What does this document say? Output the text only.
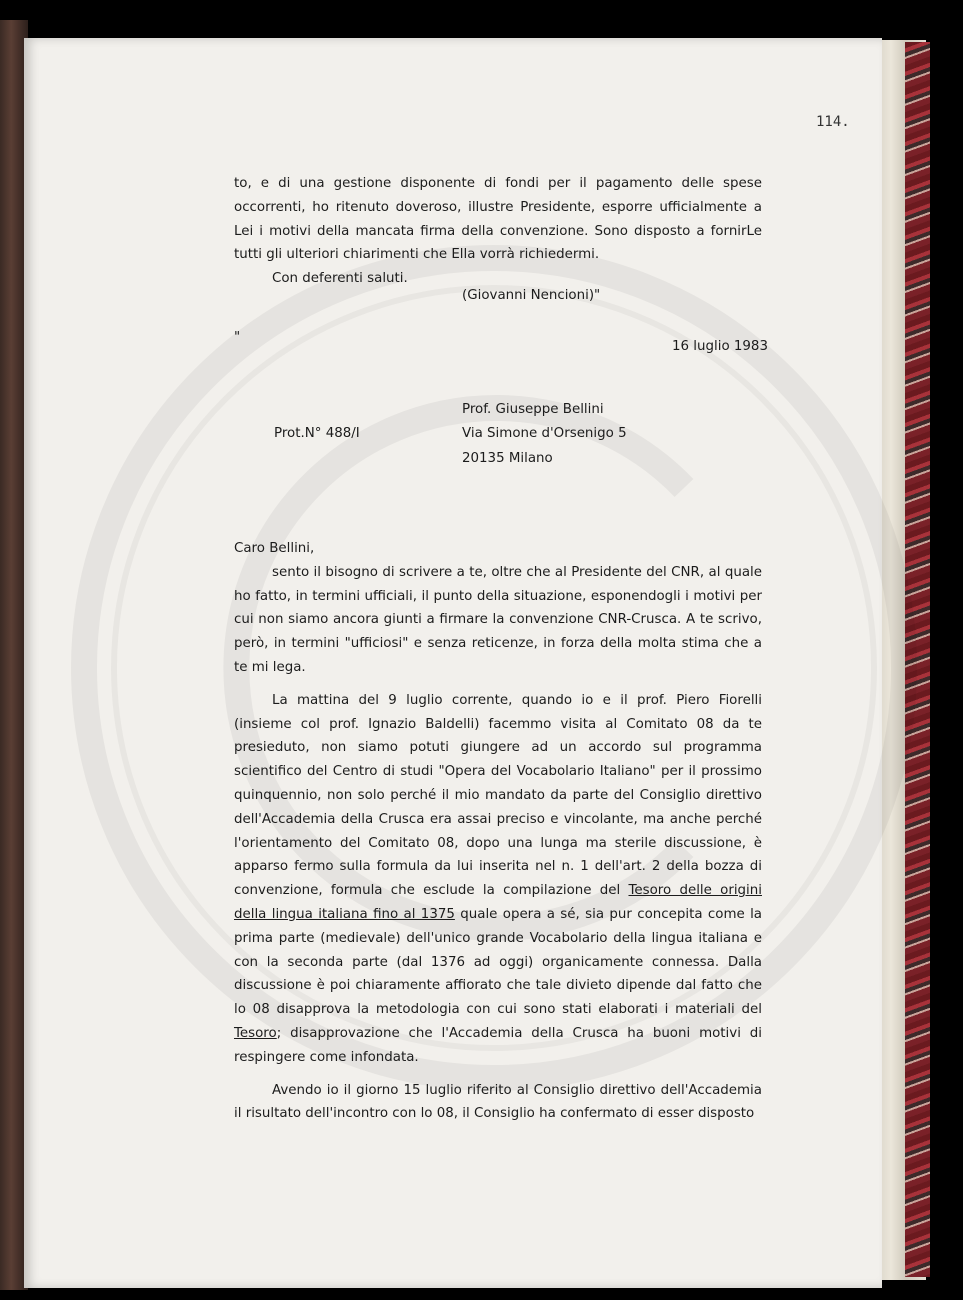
114.

to, e di una gestione disponente di fondi per il pagamento delle spese occorrenti, ho ritenuto doveroso, illustre Presidente, esporre ufficialmente a Lei i motivi della mancata firma della convenzione. Sono disposto a fornirLe tutti gli ulteriori chiarimenti che Ella vorrà richiedermi.

Con deferenti saluti.
(Giovanni Nencioni)"
"
16 luglio 1983
Prof. Giuseppe Bellini
Prot.N° 488/I	Via Simone d'Orsenigo 5
20135 Milano
Caro Bellini,

sento il bisogno di scrivere a te, oltre che al Presidente del CNR, al quale ho fatto, in termini ufficiali, il punto della situazione, esponendogli i motivi per cui non siamo ancora giunti a firmare la convenzione CNR-Crusca. A te scrivo, però, in termini "ufficiosi" e senza reticenze, in forza della molta stima che a te mi lega.

La mattina del 9 luglio corrente, quando io e il prof. Piero Fiorelli (insieme col prof. Ignazio Baldelli) facemmo visita al Comitato 08 da te presieduto, non siamo potuti giungere ad un accordo sul programma scientifico del Centro di studi "Opera del Vocabolario Italiano" per il prossimo quinquennio, non solo perché il mio mandato da parte del Consiglio direttivo dell'Accademia della Crusca era assai preciso e vincolante, ma anche perché l'orientamento del Comitato 08, dopo una lunga ma sterile discussione, è apparso fermo sulla formula da lui inserita nel n. 1 dell'art. 2 della bozza di convenzione, formula che esclude la compilazione del Tesoro delle origini della lingua italiana fino al 1375 quale opera a sé, sia pur concepita come la prima parte (medievale) dell'unico grande Vocabolario della lingua italiana e con la seconda parte (dal 1376 ad oggi) organicamente connessa. Dalla discussione è poi chiaramente affiorato che tale divieto dipende dal fatto che lo 08 disapprova la metodologia con cui sono stati elaborati i materiali del Tesoro; disapprovazione che l'Accademia della Crusca ha buoni motivi di respingere come infondata.

Avendo io il giorno 15 luglio riferito al Consiglio direttivo dell'Accademia il risultato dell'incontro con lo 08, il Consiglio ha confermato di esser disposto
